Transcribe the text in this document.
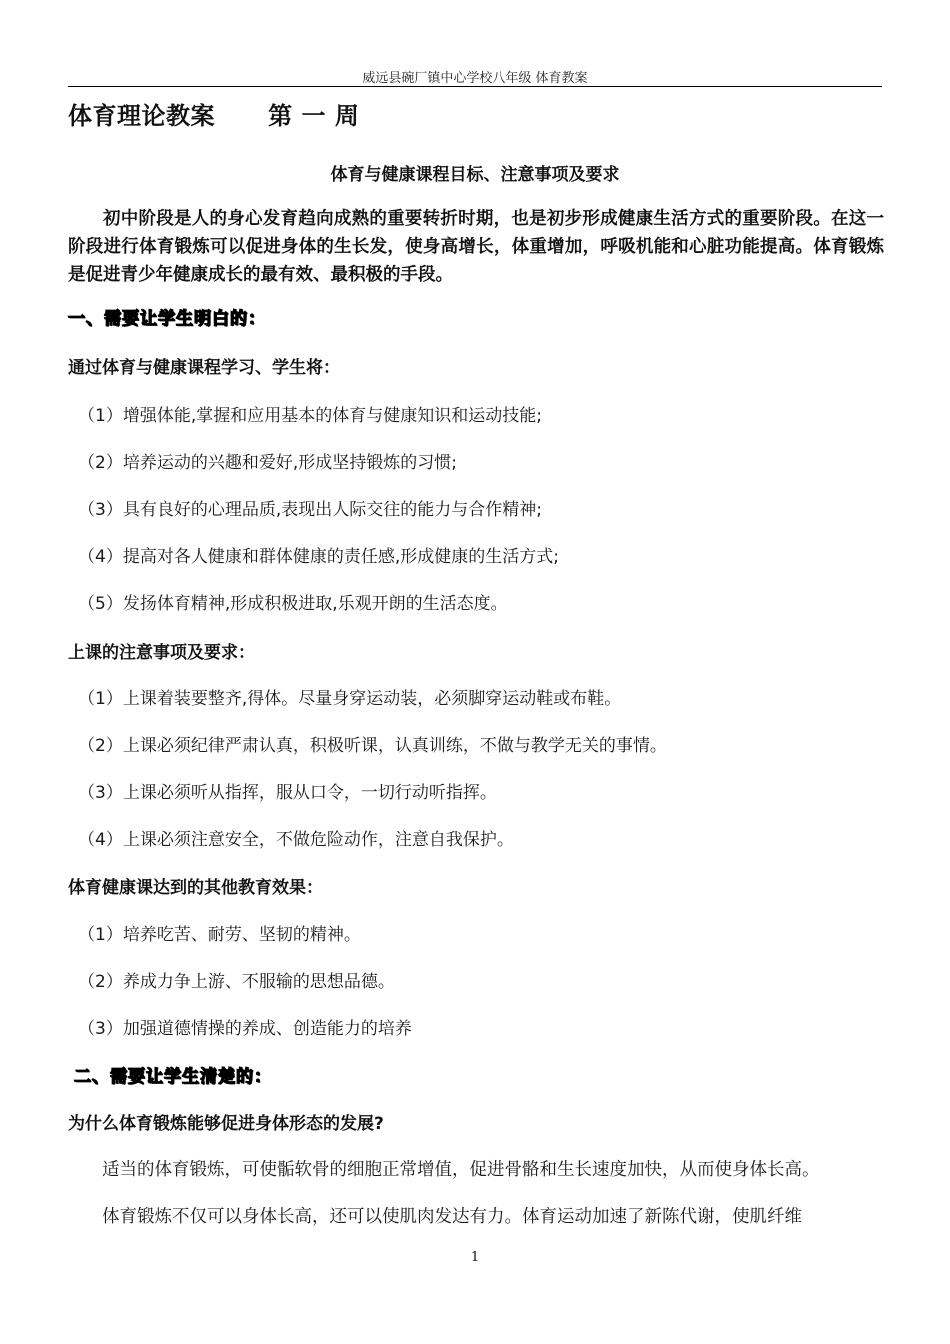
威远县碗厂镇中心学校八年级 体育教案
体育理论教案      第 一 周
体育与健康课程目标、注意事项及要求
初中阶段是人的身心发育趋向成熟的重要转折时期，也是初步形成健康生活方式的重要阶段。在这一阶段进行体育锻炼可以促进身体的生长发，使身高增长，体重增加，呼吸机能和心脏功能提高。体育锻炼是促进青少年健康成长的最有效、最积极的手段。
一、需要让学生明白的：
通过体育与健康课程学习、学生将：
（1）增强体能,掌握和应用基本的体育与健康知识和运动技能;
（2）培养运动的兴趣和爱好,形成坚持锻炼的习惯;
（3）具有良好的心理品质,表现出人际交往的能力与合作精神;
（4）提高对各人健康和群体健康的责任感,形成健康的生活方式;
（5）发扬体育精神,形成积极进取,乐观开朗的生活态度。
上课的注意事项及要求：
（1）上课着装要整齐,得体。尽量身穿运动装，必须脚穿运动鞋或布鞋。
（2）上课必须纪律严肃认真，积极听课，认真训练，不做与教学无关的事情。
（3）上课必须听从指挥，服从口令，一切行动听指挥。
（4）上课必须注意安全，不做危险动作，注意自我保护。
体育健康课达到的其他教育效果：
（1）培养吃苦、耐劳、坚韧的精神。
（2）养成力争上游、不服输的思想品德。
（3）加强道德情操的养成、创造能力的培养
二、需要让学生清楚的：
为什么体育锻炼能够促进身体形态的发展?
适当的体育锻炼，可使骺软骨的细胞正常增值，促进骨骼和生长速度加快，从而使身体长高。
体育锻炼不仅可以身体长高，还可以使肌肉发达有力。体育运动加速了新陈代谢，使肌纤维
1
